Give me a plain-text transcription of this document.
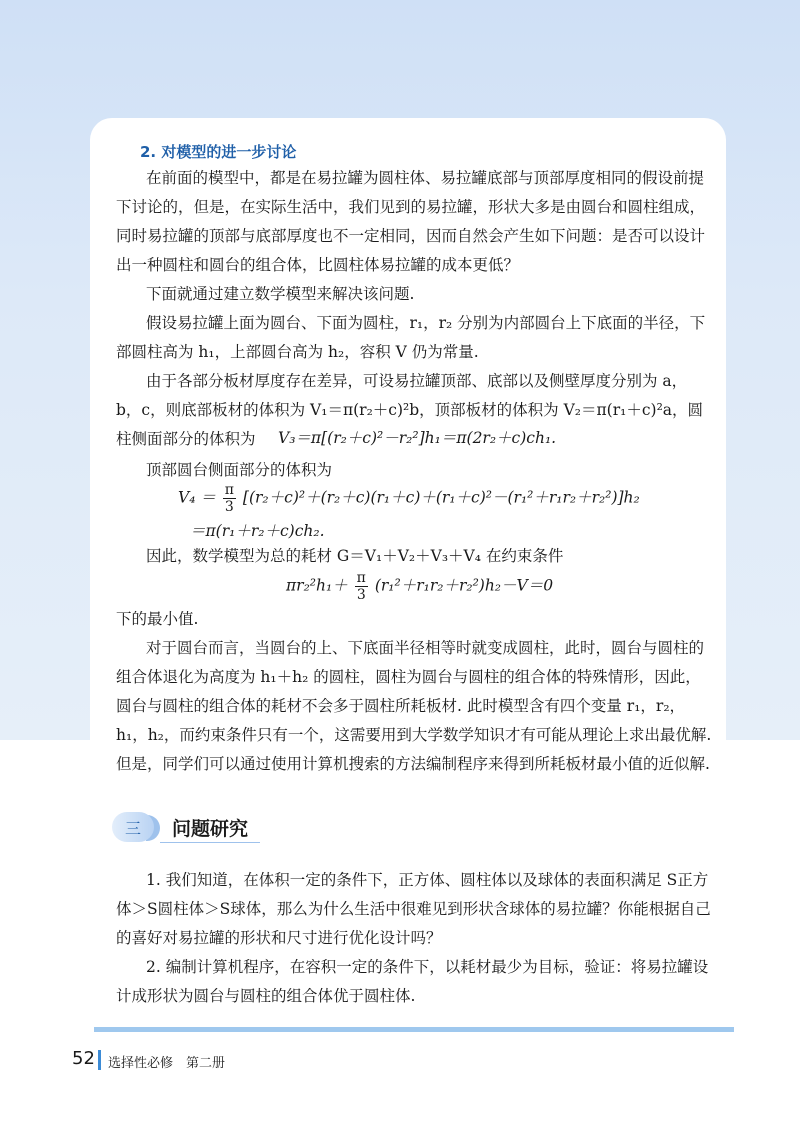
2. 对模型的进一步讨论

在前面的模型中，都是在易拉罐为圆柱体、易拉罐底部与顶部厚度相同的假设前提下讨论的，但是，在实际生活中，我们见到的易拉罐，形状大多是由圆台和圆柱组成，同时易拉罐的顶部与底部厚度也不一定相同，因而自然会产生如下问题：是否可以设计出一种圆柱和圆台的组合体，比圆柱体易拉罐的成本更低？

下面就通过建立数学模型来解决该问题.

假设易拉罐上面为圆台、下面为圆柱，r₁，r₂ 分别为内部圆台上下底面的半径，下部圆柱高为 h₁，上部圆台高为 h₂，容积 V 仍为常量.

由于各部分板材厚度存在差异，可设易拉罐顶部、底部以及侧壁厚度分别为 a，b，c，则底部板材的体积为 V₁＝π(r₂＋c)²b，顶部板材的体积为 V₂＝π(r₁＋c)²a，圆柱侧面部分的体积为	V₃＝π[(r₂＋c)²－r₂²]h₁＝π(2r₂＋c)ch₁.

顶部圆台侧面部分的体积为

$V_4 = \frac{\pi}{3} [(r_2+c)^2+(r_2+c)(r_1+c)+(r_1+c)^2-(r_1^2+r_1r_2+r_2^2)]h_2$
＝π(r₁＋r₂＋c)ch₂.

因此，数学模型为总的耗材 G＝V₁＋V₂＋V₃＋V₄ 在约束条件

$\pi r_2^2h_1+ \frac{\pi}{3} (r_1^2+r_1r_2+r_2^2)h_2-V=0$

下的最小值.

对于圆台而言，当圆台的上、下底面半径相等时就变成圆柱，此时，圆台与圆柱的组合体退化为高度为 h₁＋h₂ 的圆柱，圆柱为圆台与圆柱的组合体的特殊情形，因此，圆台与圆柱的组合体的耗材不会多于圆柱所耗板材. 此时模型含有四个变量 r₁，r₂，h₁，h₂，而约束条件只有一个，这需要用到大学数学知识才有可能从理论上求出最优解. 但是，同学们可以通过使用计算机搜索的方法编制程序来得到所耗板材最小值的近似解.

三	问题研究

1. 我们知道，在体积一定的条件下，正方体、圆柱体以及球体的表面积满足 S正方体＞S圆柱体＞S球体，那么为什么生活中很难见到形状含球体的易拉罐？你能根据自己的喜好对易拉罐的形状和尺寸进行优化设计吗？

2. 编制计算机程序，在容积一定的条件下，以耗材最少为目标，验证：将易拉罐设计成形状为圆台与圆柱的组合体优于圆柱体.

52 选择性必修　第二册
